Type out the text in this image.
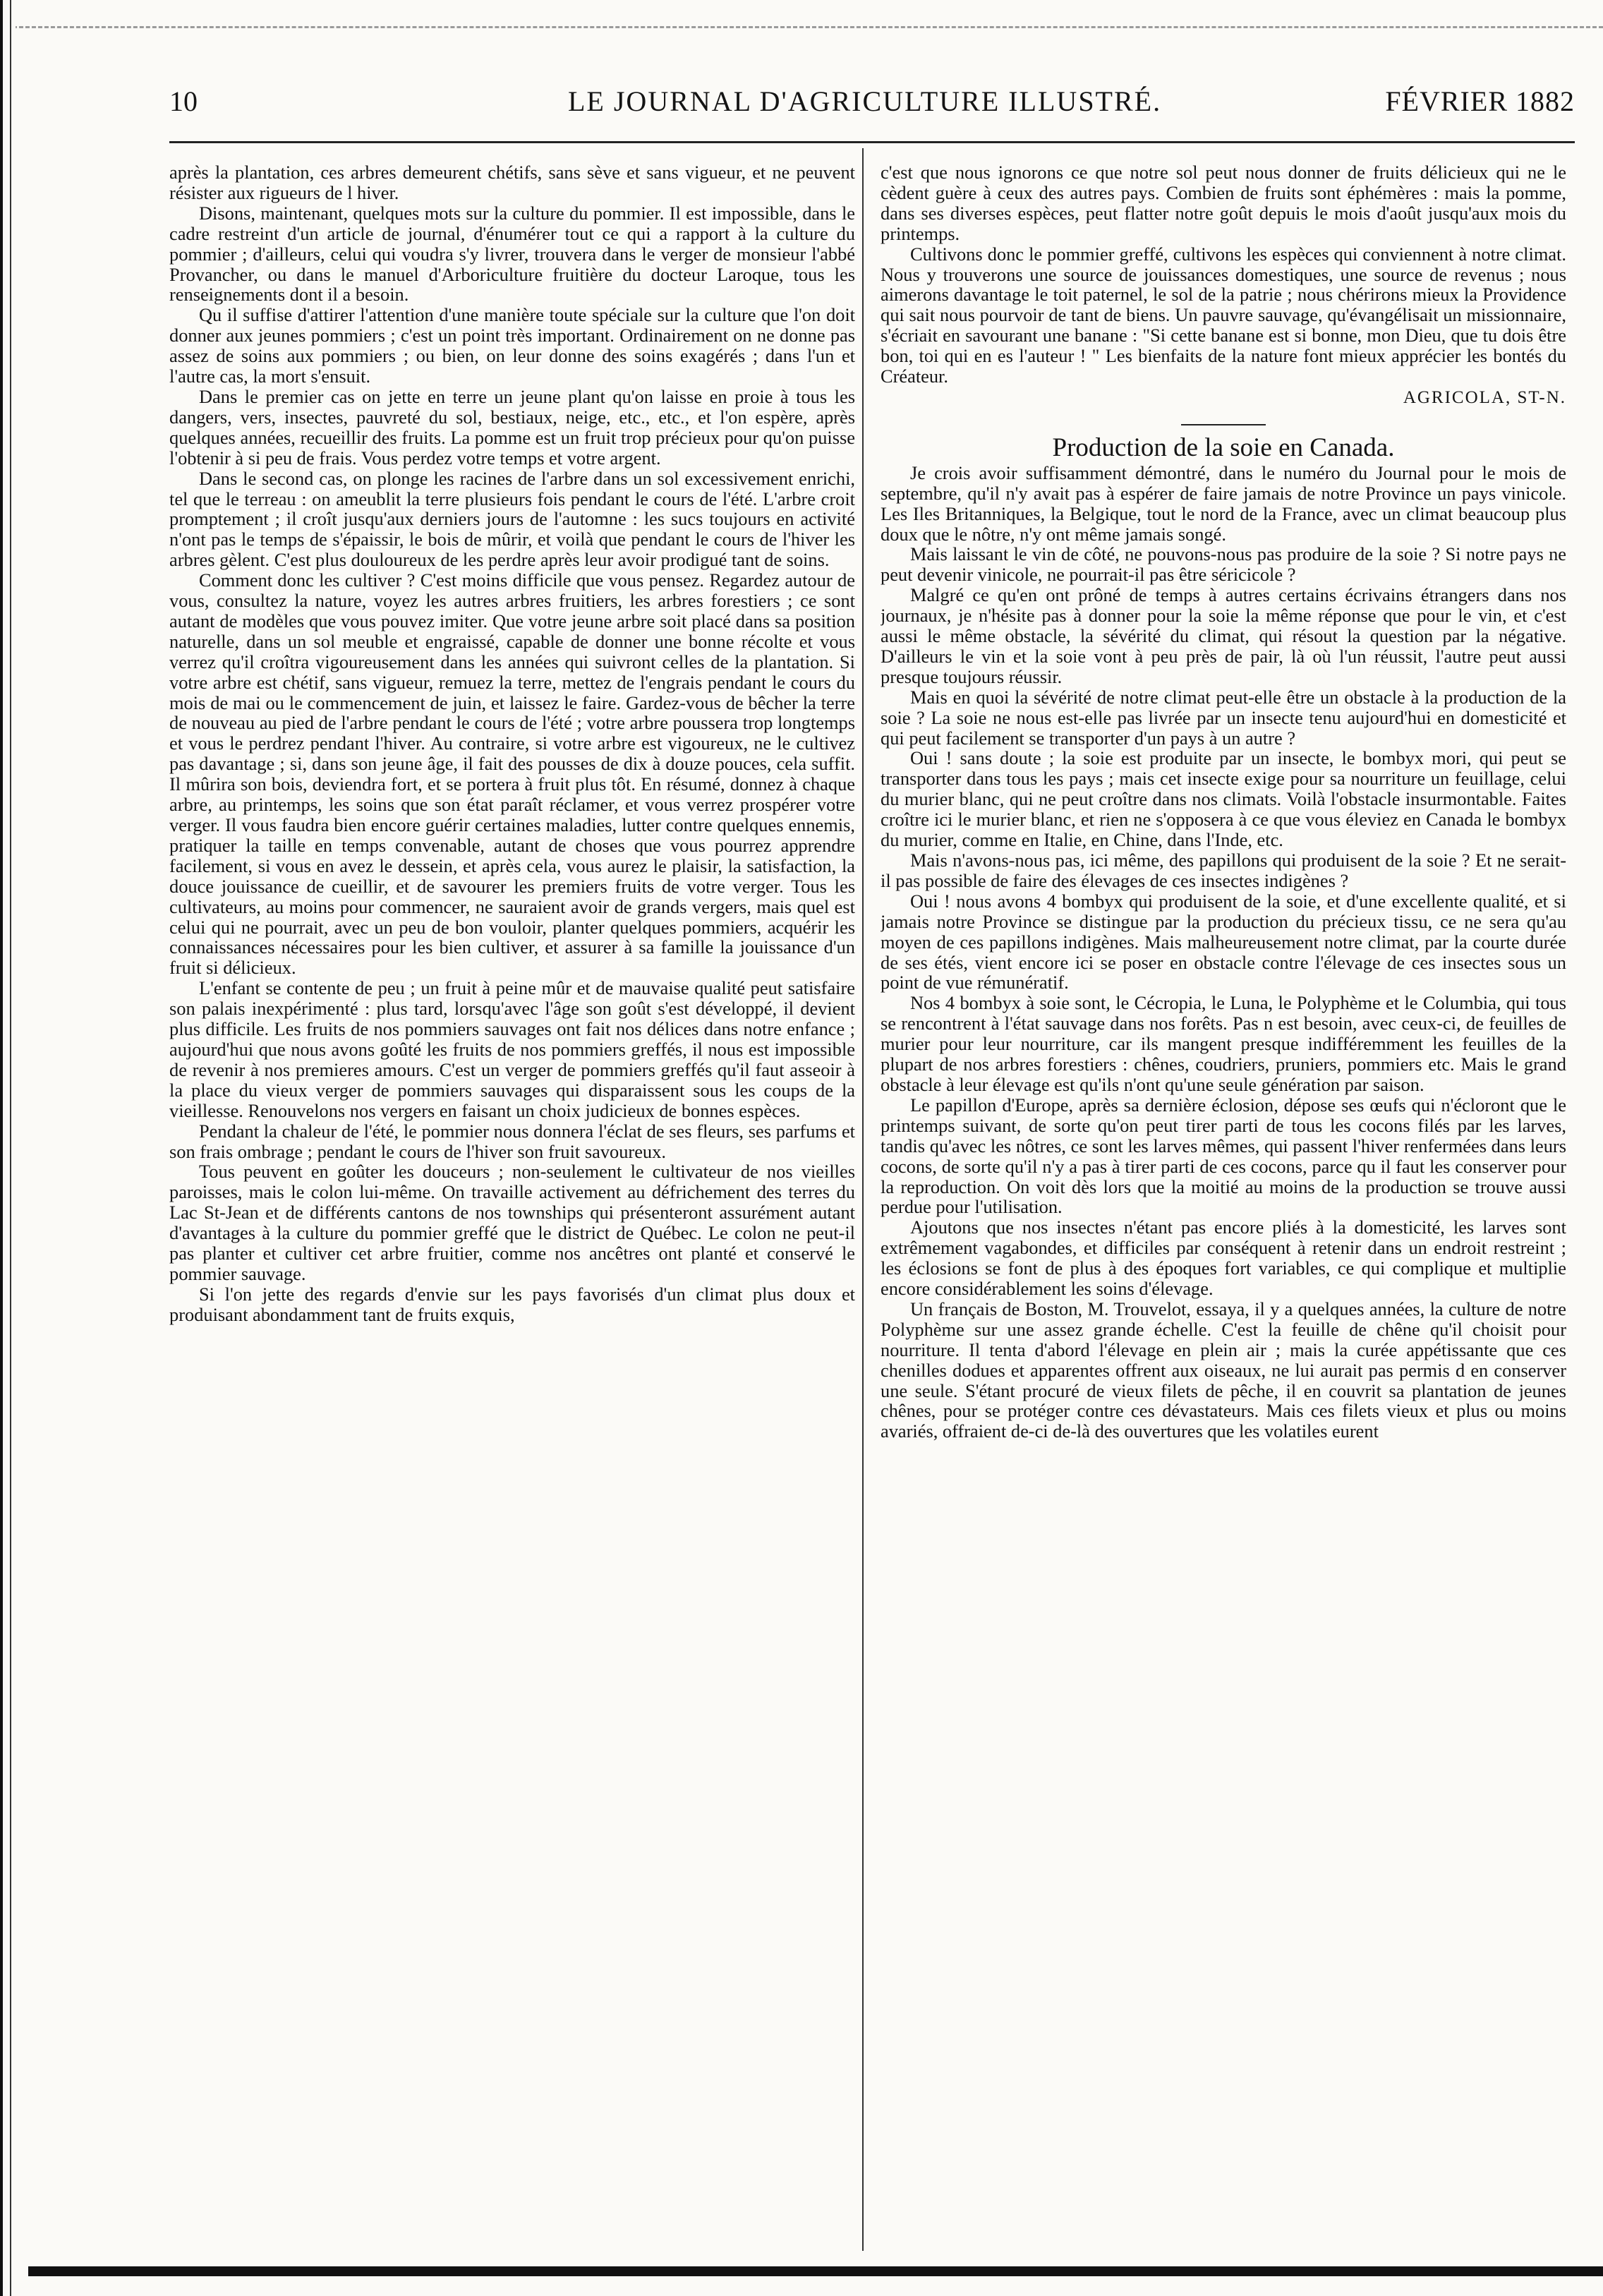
10	LE JOURNAL D'AGRICULTURE ILLUSTRÉ.	FÉVRIER 1882

après la plantation, ces arbres demeurent chétifs, sans sève et sans vigueur, et ne peuvent résister aux rigueurs de l hiver.

Disons, maintenant, quelques mots sur la culture du pommier. Il est impossible, dans le cadre restreint d'un article de journal, d'énumérer tout ce qui a rapport à la culture du pommier ; d'ailleurs, celui qui voudra s'y livrer, trouvera dans le verger de monsieur l'abbé Provancher, ou dans le manuel d'Arboriculture fruitière du docteur Laroque, tous les renseignements dont il a besoin.

Qu il suffise d'attirer l'attention d'une manière toute spéciale sur la culture que l'on doit donner aux jeunes pommiers ; c'est un point très important. Ordinairement on ne donne pas assez de soins aux pommiers ; ou bien, on leur donne des soins exagérés ; dans l'un et l'autre cas, la mort s'ensuit.

Dans le premier cas on jette en terre un jeune plant qu'on laisse en proie à tous les dangers, vers, insectes, pauvreté du sol, bestiaux, neige, etc., etc., et l'on espère, après quelques années, recueillir des fruits. La pomme est un fruit trop précieux pour qu'on puisse l'obtenir à si peu de frais. Vous perdez votre temps et votre argent.

Dans le second cas, on plonge les racines de l'arbre dans un sol excessivement enrichi, tel que le terreau : on ameublit la terre plusieurs fois pendant le cours de l'été. L'arbre croit promptement ; il croît jusqu'aux derniers jours de l'automne : les sucs toujours en activité n'ont pas le temps de s'épaissir, le bois de mûrir, et voilà que pendant le cours de l'hiver les arbres gèlent. C'est plus douloureux de les perdre après leur avoir prodigué tant de soins.

Comment donc les cultiver ? C'est moins difficile que vous pensez. Regardez autour de vous, consultez la nature, voyez les autres arbres fruitiers, les arbres forestiers ; ce sont autant de modèles que vous pouvez imiter. Que votre jeune arbre soit placé dans sa position naturelle, dans un sol meuble et engraissé, capable de donner une bonne récolte et vous verrez qu'il croîtra vigoureusement dans les années qui suivront celles de la plantation. Si votre arbre est chétif, sans vigueur, remuez la terre, mettez de l'engrais pendant le cours du mois de mai ou le commencement de juin, et laissez le faire. Gardez-vous de bêcher la terre de nouveau au pied de l'arbre pendant le cours de l'été ; votre arbre poussera trop longtemps et vous le perdrez pendant l'hiver. Au contraire, si votre arbre est vigoureux, ne le cultivez pas davantage ; si, dans son jeune âge, il fait des pousses de dix à douze pouces, cela suffit. Il mûrira son bois, deviendra fort, et se portera à fruit plus tôt. En résumé, donnez à chaque arbre, au printemps, les soins que son état paraît réclamer, et vous verrez prospérer votre verger. Il vous faudra bien encore guérir certaines maladies, lutter contre quelques ennemis, pratiquer la taille en temps convenable, autant de choses que vous pourrez apprendre facilement, si vous en avez le dessein, et après cela, vous aurez le plaisir, la satisfaction, la douce jouissance de cueillir, et de savourer les premiers fruits de votre verger. Tous les cultivateurs, au moins pour commencer, ne sauraient avoir de grands vergers, mais quel est celui qui ne pourrait, avec un peu de bon vouloir, planter quelques pommiers, acquérir les connaissances nécessaires pour les bien cultiver, et assurer à sa famille la jouissance d'un fruit si délicieux.

L'enfant se contente de peu ; un fruit à peine mûr et de mauvaise qualité peut satisfaire son palais inexpérimenté : plus tard, lorsqu'avec l'âge son goût s'est développé, il devient plus difficile. Les fruits de nos pommiers sauvages ont fait nos délices dans notre enfance ; aujourd'hui que nous avons goûté les fruits de nos pommiers greffés, il nous est impossible de revenir à nos premieres amours. C'est un verger de pommiers greffés qu'il faut asseoir à la place du vieux verger de pommiers sauvages qui disparaissent sous les coups de la vieillesse. Renouvelons nos vergers en faisant un choix judicieux de bonnes espèces.

Pendant la chaleur de l'été, le pommier nous donnera l'éclat de ses fleurs, ses parfums et son frais ombrage ; pendant le cours de l'hiver son fruit savoureux.

Tous peuvent en goûter les douceurs ; non-seulement le cultivateur de nos vieilles paroisses, mais le colon lui-même. On travaille activement au défrichement des terres du Lac St-Jean et de différents cantons de nos townships qui présenteront assurément autant d'avantages à la culture du pommier greffé que le district de Québec. Le colon ne peut-il pas planter et cultiver cet arbre fruitier, comme nos ancêtres ont planté et conservé le pommier sauvage.

Si l'on jette des regards d'envie sur les pays favorisés d'un climat plus doux et produisant abondamment tant de fruits exquis,

c'est que nous ignorons ce que notre sol peut nous donner de fruits délicieux qui ne le cèdent guère à ceux des autres pays. Combien de fruits sont éphémères : mais la pomme, dans ses diverses espèces, peut flatter notre goût depuis le mois d'août jusqu'aux mois du printemps.

Cultivons donc le pommier greffé, cultivons les espèces qui conviennent à notre climat. Nous y trouverons une source de jouissances domestiques, une source de revenus ; nous aimerons davantage le toit paternel, le sol de la patrie ; nous chérirons mieux la Providence qui sait nous pourvoir de tant de biens. Un pauvre sauvage, qu'évangélisait un missionnaire, s'écriait en savourant une banane : "Si cette banane est si bonne, mon Dieu, que tu dois être bon, toi qui en es l'auteur ! " Les bienfaits de la nature font mieux apprécier les bontés du Créateur.

AGRICOLA, ST-N.
Production de la soie en Canada.

Je crois avoir suffisamment démontré, dans le numéro du Journal pour le mois de septembre, qu'il n'y avait pas à espérer de faire jamais de notre Province un pays vinicole. Les Iles Britanniques, la Belgique, tout le nord de la France, avec un climat beaucoup plus doux que le nôtre, n'y ont même jamais songé.

Mais laissant le vin de côté, ne pouvons-nous pas produire de la soie ? Si notre pays ne peut devenir vinicole, ne pourrait-il pas être séricicole ?

Malgré ce qu'en ont prôné de temps à autres certains écrivains étrangers dans nos journaux, je n'hésite pas à donner pour la soie la même réponse que pour le vin, et c'est aussi le même obstacle, la sévérité du climat, qui résout la question par la négative. D'ailleurs le vin et la soie vont à peu près de pair, là où l'un réussit, l'autre peut aussi presque toujours réussir.

Mais en quoi la sévérité de notre climat peut-elle être un obstacle à la production de la soie ? La soie ne nous est-elle pas livrée par un insecte tenu aujourd'hui en domesticité et qui peut facilement se transporter d'un pays à un autre ?

Oui ! sans doute ; la soie est produite par un insecte, le bombyx mori, qui peut se transporter dans tous les pays ; mais cet insecte exige pour sa nourriture un feuillage, celui du murier blanc, qui ne peut croître dans nos climats. Voilà l'obstacle insurmontable. Faites croître ici le murier blanc, et rien ne s'opposera à ce que vous éleviez en Canada le bombyx du murier, comme en Italie, en Chine, dans l'Inde, etc.

Mais n'avons-nous pas, ici même, des papillons qui produisent de la soie ? Et ne serait-il pas possible de faire des élevages de ces insectes indigènes ?

Oui ! nous avons 4 bombyx qui produisent de la soie, et d'une excellente qualité, et si jamais notre Province se distingue par la production du précieux tissu, ce ne sera qu'au moyen de ces papillons indigènes. Mais malheureusement notre climat, par la courte durée de ses étés, vient encore ici se poser en obstacle contre l'élevage de ces insectes sous un point de vue rémunératif.

Nos 4 bombyx à soie sont, le Cécropia, le Luna, le Polyphème et le Columbia, qui tous se rencontrent à l'état sauvage dans nos forêts. Pas n est besoin, avec ceux-ci, de feuilles de murier pour leur nourriture, car ils mangent presque indifféremment les feuilles de la plupart de nos arbres forestiers : chênes, coudriers, pruniers, pommiers etc. Mais le grand obstacle à leur élevage est qu'ils n'ont qu'une seule génération par saison.

Le papillon d'Europe, après sa dernière éclosion, dépose ses œufs qui n'écloront que le printemps suivant, de sorte qu'on peut tirer parti de tous les cocons filés par les larves, tandis qu'avec les nôtres, ce sont les larves mêmes, qui passent l'hiver renfermées dans leurs cocons, de sorte qu'il n'y a pas à tirer parti de ces cocons, parce qu il faut les conserver pour la reproduction. On voit dès lors que la moitié au moins de la production se trouve aussi perdue pour l'utilisation.

Ajoutons que nos insectes n'étant pas encore pliés à la domesticité, les larves sont extrêmement vagabondes, et difficiles par conséquent à retenir dans un endroit restreint ; les éclosions se font de plus à des époques fort variables, ce qui complique et multiplie encore considérablement les soins d'élevage.

Un français de Boston, M. Trouvelot, essaya, il y a quelques années, la culture de notre Polyphème sur une assez grande échelle. C'est la feuille de chêne qu'il choisit pour nourriture. Il tenta d'abord l'élevage en plein air ; mais la curée appétissante que ces chenilles dodues et apparentes offrent aux oiseaux, ne lui aurait pas permis d en conserver une seule. S'étant procuré de vieux filets de pêche, il en couvrit sa plantation de jeunes chênes, pour se protéger contre ces dévastateurs. Mais ces filets vieux et plus ou moins avariés, offraient de-ci de-là des ouvertures que les volatiles eurent
